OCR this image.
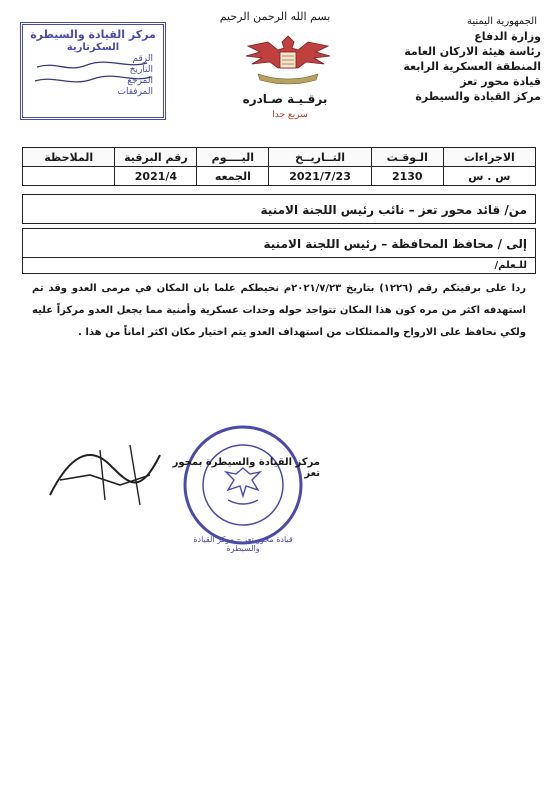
الجمهورية اليمنية
وزارة الدفاع
رئاسة هيئة الاركان العامة
المنطقة العسكرية الرابعة
قيادة محور تعز
مركز القيادة والسيطرة
بسم الله الرحمن الرحيم
برقـيـة صـادره
سريع جدا
مركز القيادة والسيطرة
السكرتارية
الرقم
التاريخ
المرجع
المرفقات
الاجراءات	الـوقـت	التــاريــخ	اليــــوم	رقم البرقية	الملاحظة
س . س	2130	2021/7/23	الجمعه	2021/4	
من/ قائد محور تعز – نائب رئيس اللجنة الامنية
إلى / محافظ المحافظة – رئيس اللجنة الامنية
للـعلم/
ردا على برقيتكم رقم (١٢٢٦) بتاريخ ٢٠٢١/٧/٢٣م نحيطكم علما بان المكان في مرمى العدو وقد تم استهدفه اكثر من مره كون هذا المكان تتواجد حوله وحدات عسكرية وأمنية مما يجعل العدو مركزاً عليه ولكي نحافظ على الارواح والممتلكات من استهداف العدو يتم اختيار مكان اكثر اماناً من هذا .
مركز القيادة والسيطرة بمحور تعز
قيادة محور تعز – مركز القيادة والسيطرة
